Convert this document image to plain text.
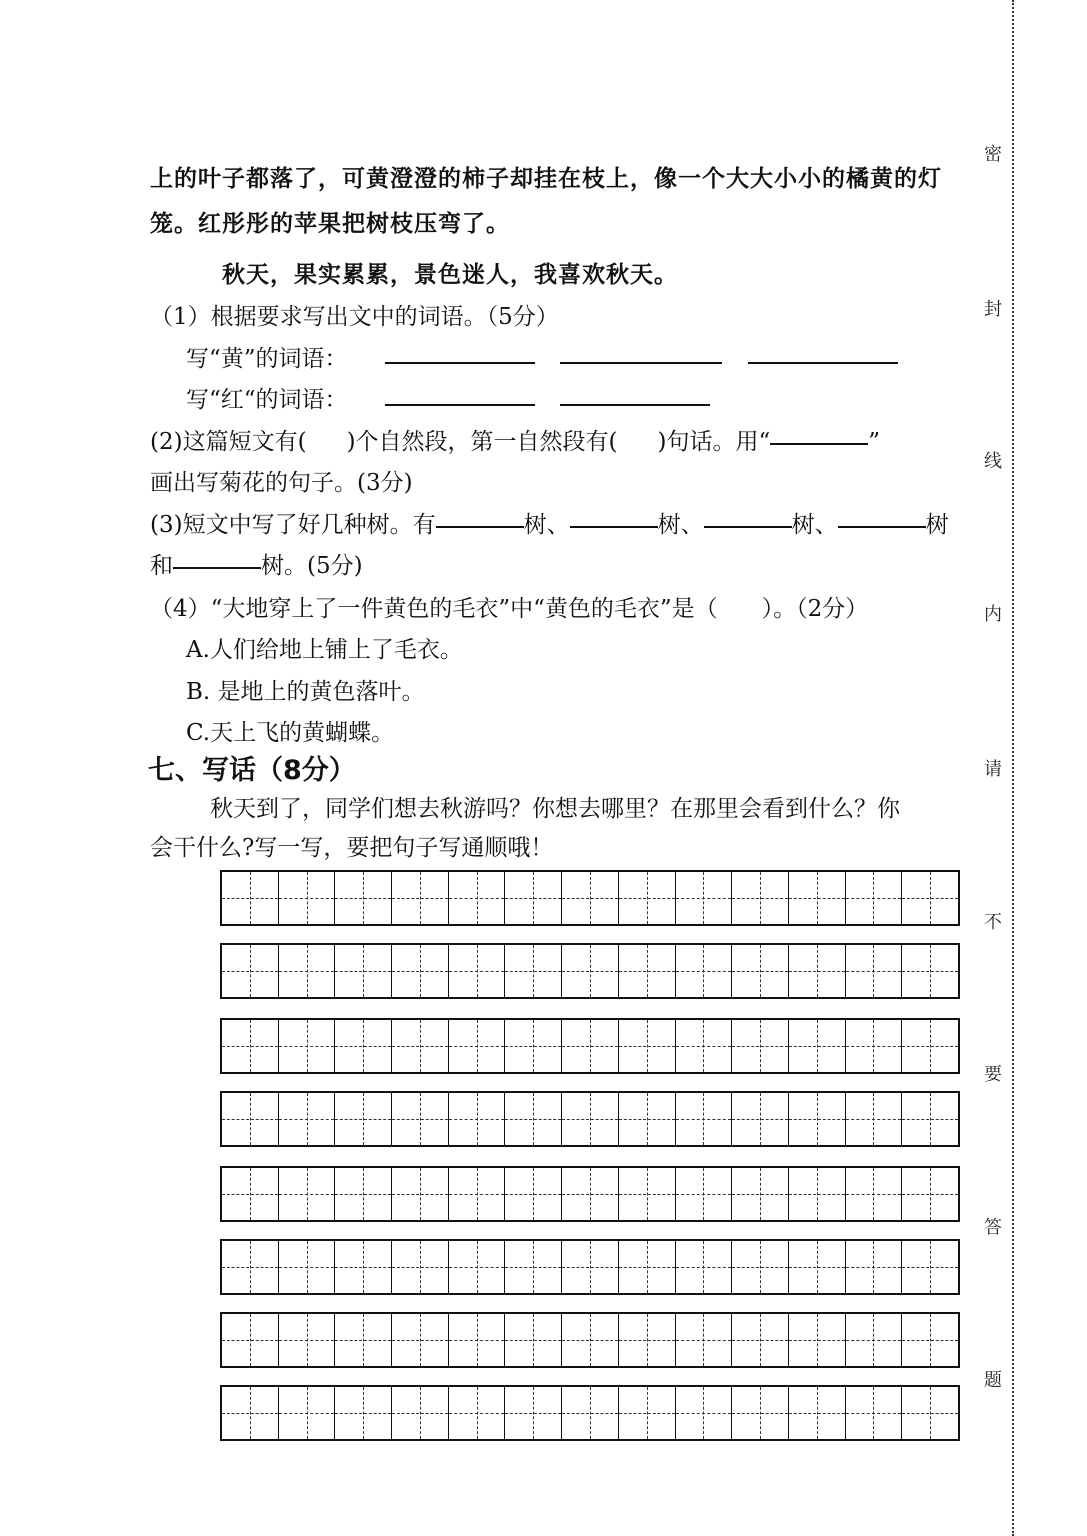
上的叶子都落了，可黄澄澄的柿子却挂在枝上，像一个大大小小的橘黄的灯
笼。红彤彤的苹果把树枝压弯了。
秋天，果实累累，景色迷人，我喜欢秋天。
（1）根据要求写出文中的词语。（5分）
写“黄”的词语：
写“红“的词语：
(2)这篇短文有( )个自然段，第一自然段有( )句话。用“	”
画出写菊花的句子。(3分)
(3)短文中写了好几种树。有	树、	树、	树、	树
和	树。(5分)
（4）“大地穿上了一件黄色的毛衣”中“黄色的毛衣”是（ ）。（2分）
A.人们给地上铺上了毛衣。
B. 是地上的黄色落叶。
C.天上飞的黄蝴蝶。
七、写话（8分）
秋天到了，同学们想去秋游吗？你想去哪里？在那里会看到什么？你
会干什么?写一写，要把句子写通顺哦！
密
封
线
内
请
不
要
答
题
